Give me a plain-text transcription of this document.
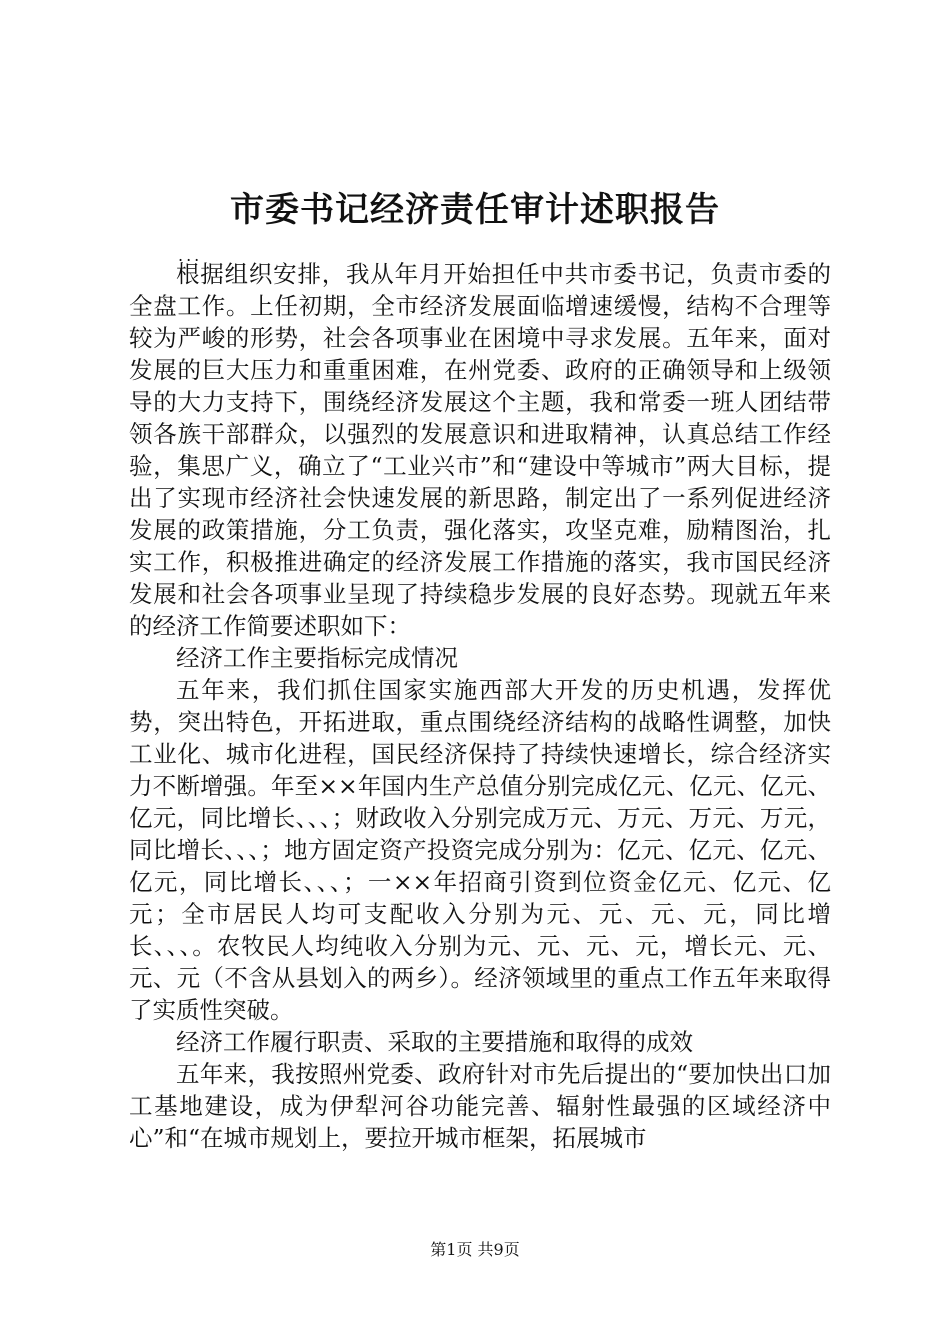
市委书记经济责任审计述职报告
...

根据组织安排，我从年月开始担任中共市委书记，负责市委的全盘工作。上任初期，全市经济发展面临增速缓慢，结构不合理等较为严峻的形势，社会各项事业在困境中寻求发展。五年来，面对发展的巨大压力和重重困难，在州党委、政府的正确领导和上级领导的大力支持下，围绕经济发展这个主题，我和常委一班人团结带领各族干部群众，以强烈的发展意识和进取精神，认真总结工作经验，集思广义，确立了“工业兴市”和“建设中等城市”两大目标，提出了实现市经济社会快速发展的新思路，制定出了一系列促进经济发展的政策措施，分工负责，强化落实，攻坚克难，励精图治，扎实工作，积极推进确定的经济发展工作措施的落实，我市国民经济发展和社会各项事业呈现了持续稳步发展的良好态势。现就五年来的经济工作简要述职如下：

经济工作主要指标完成情况

五年来，我们抓住国家实施西部大开发的历史机遇，发挥优势，突出特色，开拓进取，重点围绕经济结构的战略性调整，加快工业化、城市化进程，国民经济保持了持续快速增长，综合经济实力不断增强。年至××年国内生产总值分别完成亿元、亿元、亿元、亿元，同比增长、、、；财政收入分别完成万元、万元、万元、万元，同比增长、、、；地方固定资产投资完成分别为：亿元、亿元、亿元、亿元，同比增长、、、；一××年招商引资到位资金亿元、亿元、亿元；全市居民人均可支配收入分别为元、元、元、元，同比增长、、、。农牧民人均纯收入分别为元、元、元、元，增长元、元、元、元（不含从县划入的两乡）。经济领域里的重点工作五年来取得了实质性突破。

经济工作履行职责、采取的主要措施和取得的成效

五年来，我按照州党委、政府针对市先后提出的“要加快出口加工基地建设，成为伊犁河谷功能完善、辐射性最强的区域经济中心”和“在城市规划上，要拉开城市框架，拓展城市

第1页 共9页
